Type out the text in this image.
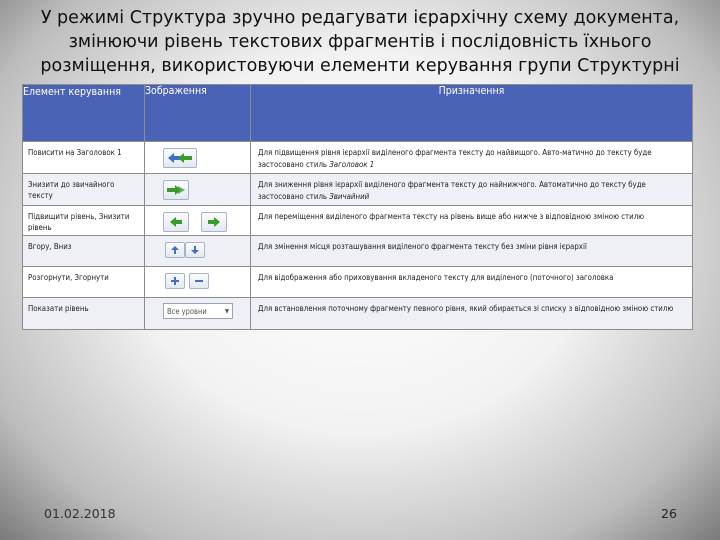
У режимі Структура зручно редагувати ієрархічну схему документа, змінюючи рівень текстових фрагментів і послідовність їхнього розміщення, використовуючи елементи керування групи Структурні
Елемент керування	Зображення	Призначення
Повисити на Заголовок 1		Для підвищення рівня ієрархії виділеного фрагмента тексту до найвищого. Авто-матично до тексту буде застосовано стиль Заголовок 1
Знизити до звичайного тексту		Для зниження рівня ієрархії виділеного фрагмента тексту до найнижчого. Автоматично до тексту буде застосовано стиль Звичайний
Підвищити рівень, Знизити рівень		Для переміщення виділеного фрагмента тексту на рівень вище або нижче з відповідною зміною стилю
Вгору, Вниз		Для змінення місця розташування виділеного фрагмента тексту без зміни рівня ієрархії
Розгорнути, Згорнути		Для відображення або приховування вкладеного тексту для виділеного (поточного) заголовка
Показати рівень	Все уровни ▼	Для встановлення поточному фрагменту певного рівня, який обирається зі списку з відповідною зміною стилю
01.02.2018	26
